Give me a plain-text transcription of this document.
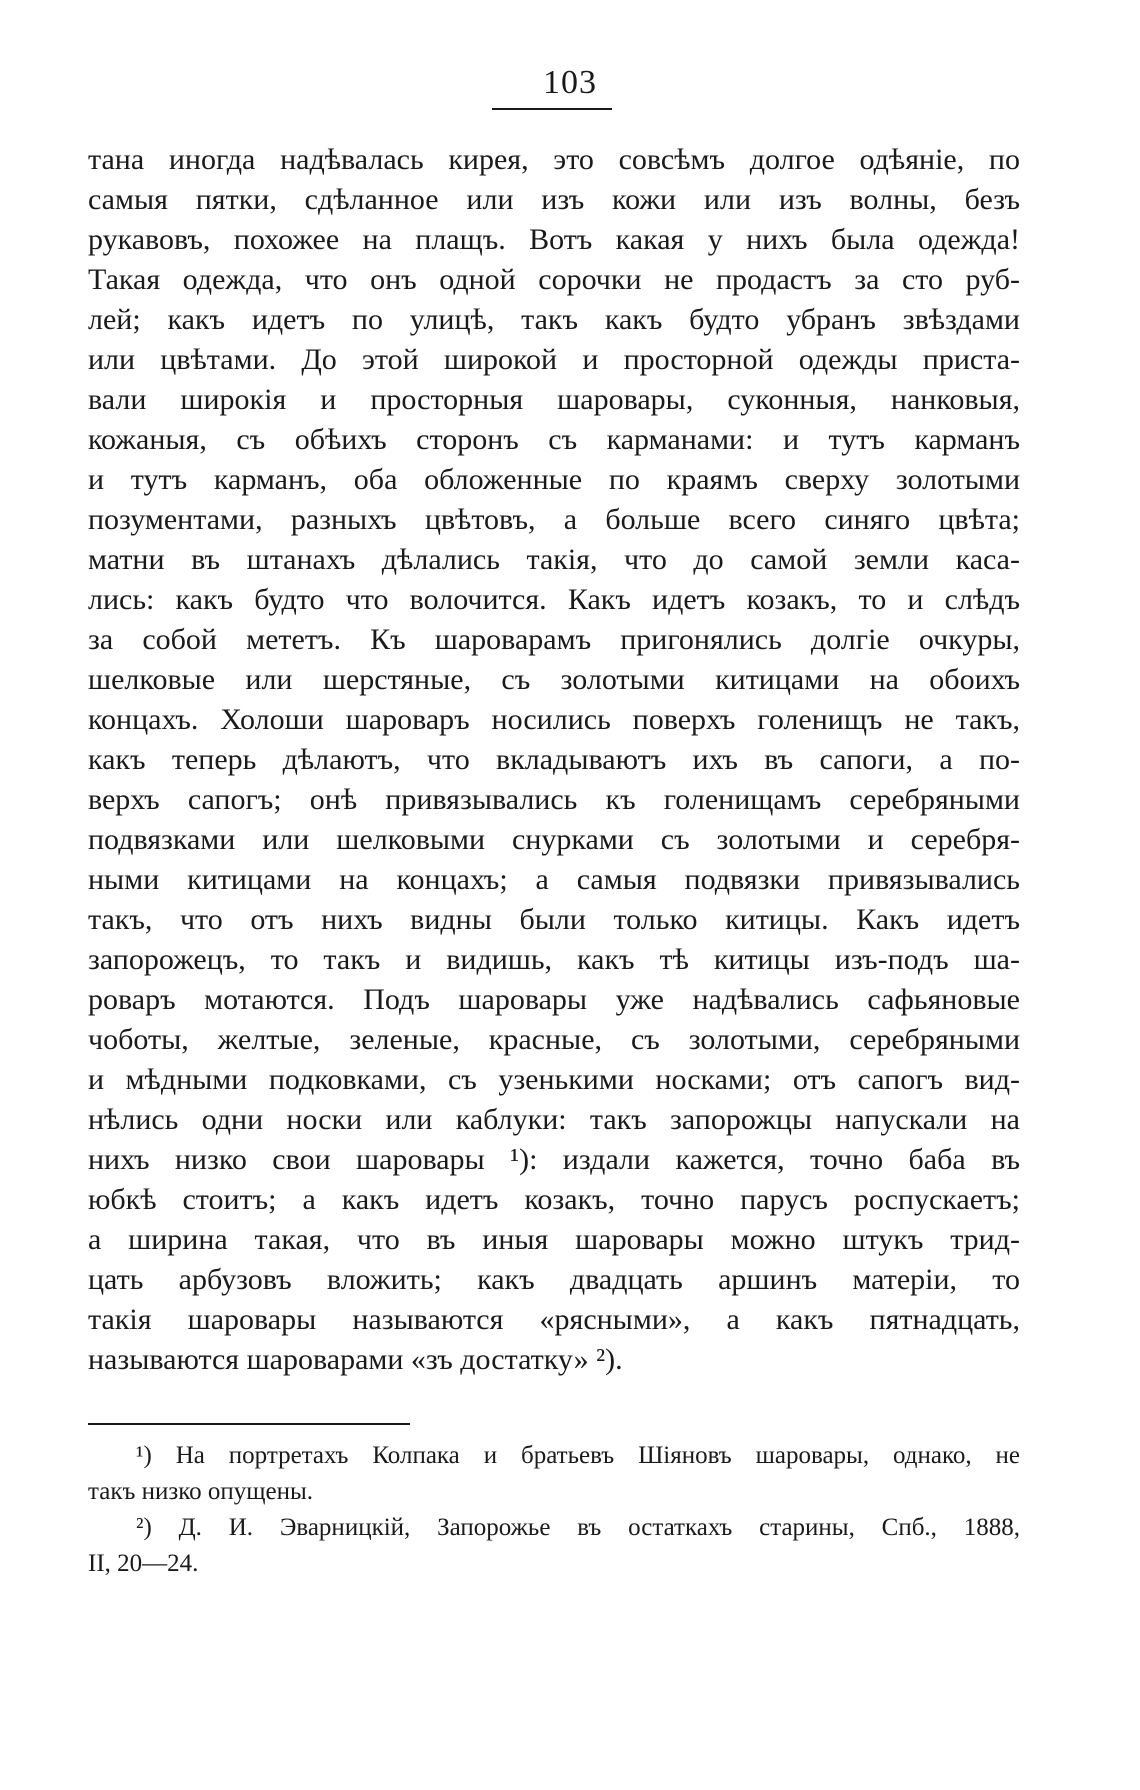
103
тана иногда надѣвалась кирея, это совсѣмъ долгое одѣяніе, по
самыя пятки, сдѣланное или изъ кожи или изъ волны, безъ
рукавовъ, похожее на плащъ. Вотъ какая у нихъ была одежда!
Такая одежда, что онъ одной сорочки не продастъ за сто руб-
лей; какъ идетъ по улицѣ, такъ какъ будто убранъ звѣздами
или цвѣтами. До этой широкой и просторной одежды приста-
вали широкія и просторныя шаровары, суконныя, нанковыя,
кожаныя, съ обѣихъ сторонъ съ карманами: и тутъ карманъ
и тутъ карманъ, оба обложенные по краямъ сверху золотыми
позументами, разныхъ цвѣтовъ, а больше всего синяго цвѣта;
матни въ штанахъ дѣлались такія, что до самой земли каса-
лись: какъ будто что волочится. Какъ идетъ козакъ, то и слѣдъ
за собой мететъ. Къ шароварамъ пригонялись долгіе очкуры,
шелковые или шерстяные, съ золотыми китицами на обоихъ
концахъ. Холоши шароваръ носились поверхъ голенищъ не такъ,
какъ теперь дѣлаютъ, что вкладываютъ ихъ въ сапоги, а по-
верхъ сапогъ; онѣ привязывались къ голенищамъ серебряными
подвязками или шелковыми снурками съ золотыми и серебря-
ными китицами на концахъ; а самыя подвязки привязывались
такъ, что отъ нихъ видны были только китицы. Какъ идетъ
запорожецъ, то такъ и видишь, какъ тѣ китицы изъ-подъ ша-
роваръ мотаются. Подъ шаровары уже надѣвались сафьяновые
чоботы, желтые, зеленые, красные, съ золотыми, серебряными
и мѣдными подковками, съ узенькими носками; отъ сапогъ вид-
нѣлись одни носки или каблуки: такъ запорожцы напускали на
нихъ низко свои шаровары ¹): издали кажется, точно баба въ
юбкѣ стоитъ; а какъ идетъ козакъ, точно парусъ роспускаетъ;
а ширина такая, что въ иныя шаровары можно штукъ трид-
цать арбузовъ вложить; какъ двадцать аршинъ матеріи, то
такія шаровары называются «рясными», а какъ пятнадцать,
называются шароварами «зъ достатку» ²).
¹) На портретахъ Колпака и братьевъ Шіяновъ шаровары, однако, не
такъ низко опущены.
²) Д. И. Эварницкій, Запорожье въ остаткахъ старины, Спб., 1888,
II, 20—24.
